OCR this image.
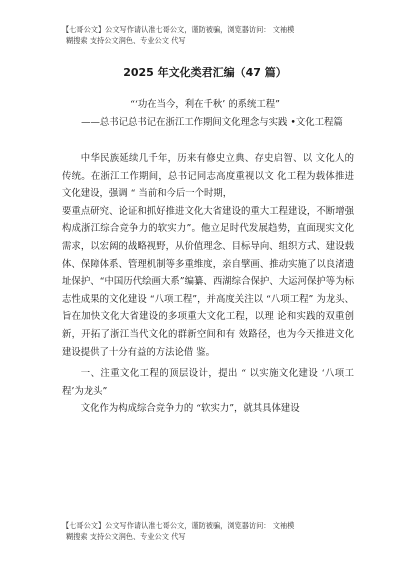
【七哥公文】公文写作请认准七哥公文，谨防被骗，浏览器访问： 文袖模
糊搜索 支持公文润色、专业公文 代写
2025 年文化类君汇编（47 篇）
“‘功在当今，利在千秋’ 的系统工程”
——总书记总书记在浙江工作期间文化理念与实践 •文化工程篇

中华民族延续几千年，历来有修史立典、存史启智、以 文化人的传统。在浙江工作期间，总书记同志高度重视以文 化工程为载体推进文化建设，强调 “ 当前和今后一个时期，

要重点研究、论证和抓好推进文化大省建设的重大工程建设，不断增强构成浙江综合竞争力的软实力”。他立足时代发展趋势，直面现实文化需求，以宏阔的战略视野，从价值理念、目标导向、组织方式、建设载体、保障体系、管理机制等多重维度，亲自擘画、推动实施了以良渚遗址保护、“中国历代绘画大系”编纂、西湖综合保护、大运河保护等为标志性成果的文化建设 “八项工程”，并高度关注以 “八项工程” 为龙头、 旨在加快文化大省建设的多项重大文化工程，以理 论和实践的双重创新，开拓了浙江当代文化的群新空间和有 效路径，也为今天推进文化建设提供了十分有益的方法论借 鉴。

一、注重文化工程的顶层设计，提出 “ 以实施文化建设 ‘八项工程’为龙头”

文化作为构成综合竞争力的 “软实力”，就其具体建设

【七哥公文】公文写作请认准七哥公文，谨防被骗，浏览器访问： 文袖模
糊搜索 支持公文润色、专业公文 代写
